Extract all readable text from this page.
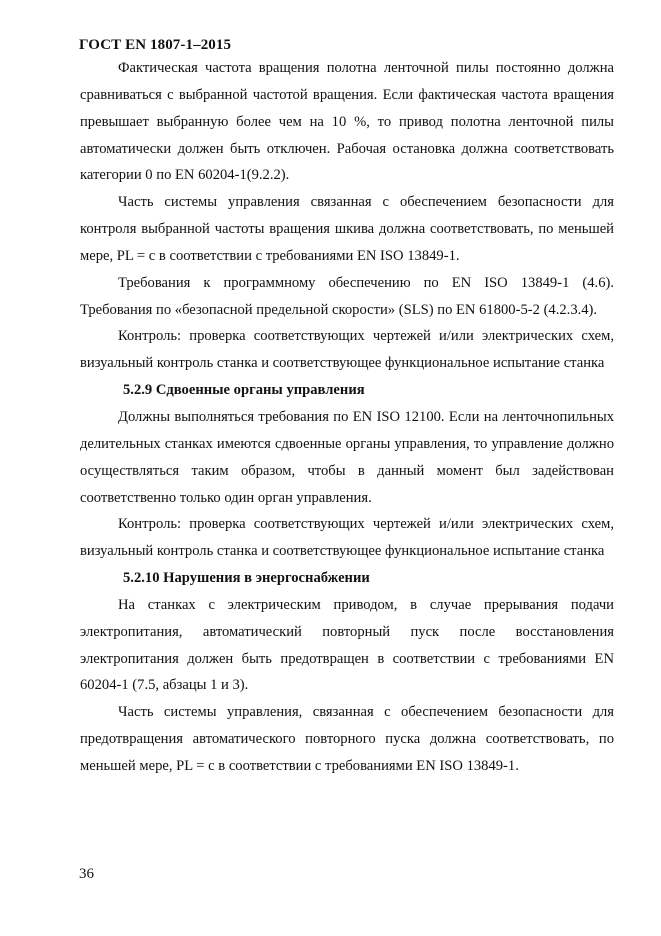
ГОСТ EN 1807-1–2015

Фактическая частота вращения полотна ленточной пилы постоянно должна сравниваться с выбранной частотой вращения. Если фактическая частота вращения превышает выбранную более чем на 10 %, то привод полотна ленточной пилы автоматически должен быть отключен. Рабочая остановка должна соответствовать категории 0 по EN 60204-1(9.2.2).

Часть системы управления связанная с обеспечением безопасности для контроля выбранной частоты вращения шкива должна соответствовать, по меньшей мере, PL = c в соответствии с требованиями EN ISO 13849-1.

Требования к программному обеспечению по EN ISO 13849-1 (4.6). Требования по «безопасной предельной скорости» (SLS) по EN 61800-5-2 (4.2.3.4).

Контроль: проверка соответствующих чертежей и/или электрических схем, визуальный контроль станка и соответствующее функциональное испытание станка

5.2.9 Сдвоенные органы управления

Должны выполняться требования по EN ISO 12100. Если на ленточнопильных делительных станках имеются сдвоенные органы управления, то управление должно осуществляться таким образом, чтобы в данный момент был задействован соответственно только один орган управления.

Контроль: проверка соответствующих чертежей и/или электрических схем, визуальный контроль станка и соответствующее функциональное испытание станка

5.2.10 Нарушения в энергоснабжении

На станках с электрическим приводом, в случае прерывания подачи электропитания, автоматический повторный пуск после восстановления электропитания должен быть предотвращен в соответствии с требованиями EN 60204-1 (7.5, абзацы 1 и 3).

Часть системы управления, связанная с обеспечением безопасности для предотвращения автоматического повторного пуска должна соответствовать, по меньшей мере, PL = c в соответствии с требованиями EN ISO 13849-1.

36
